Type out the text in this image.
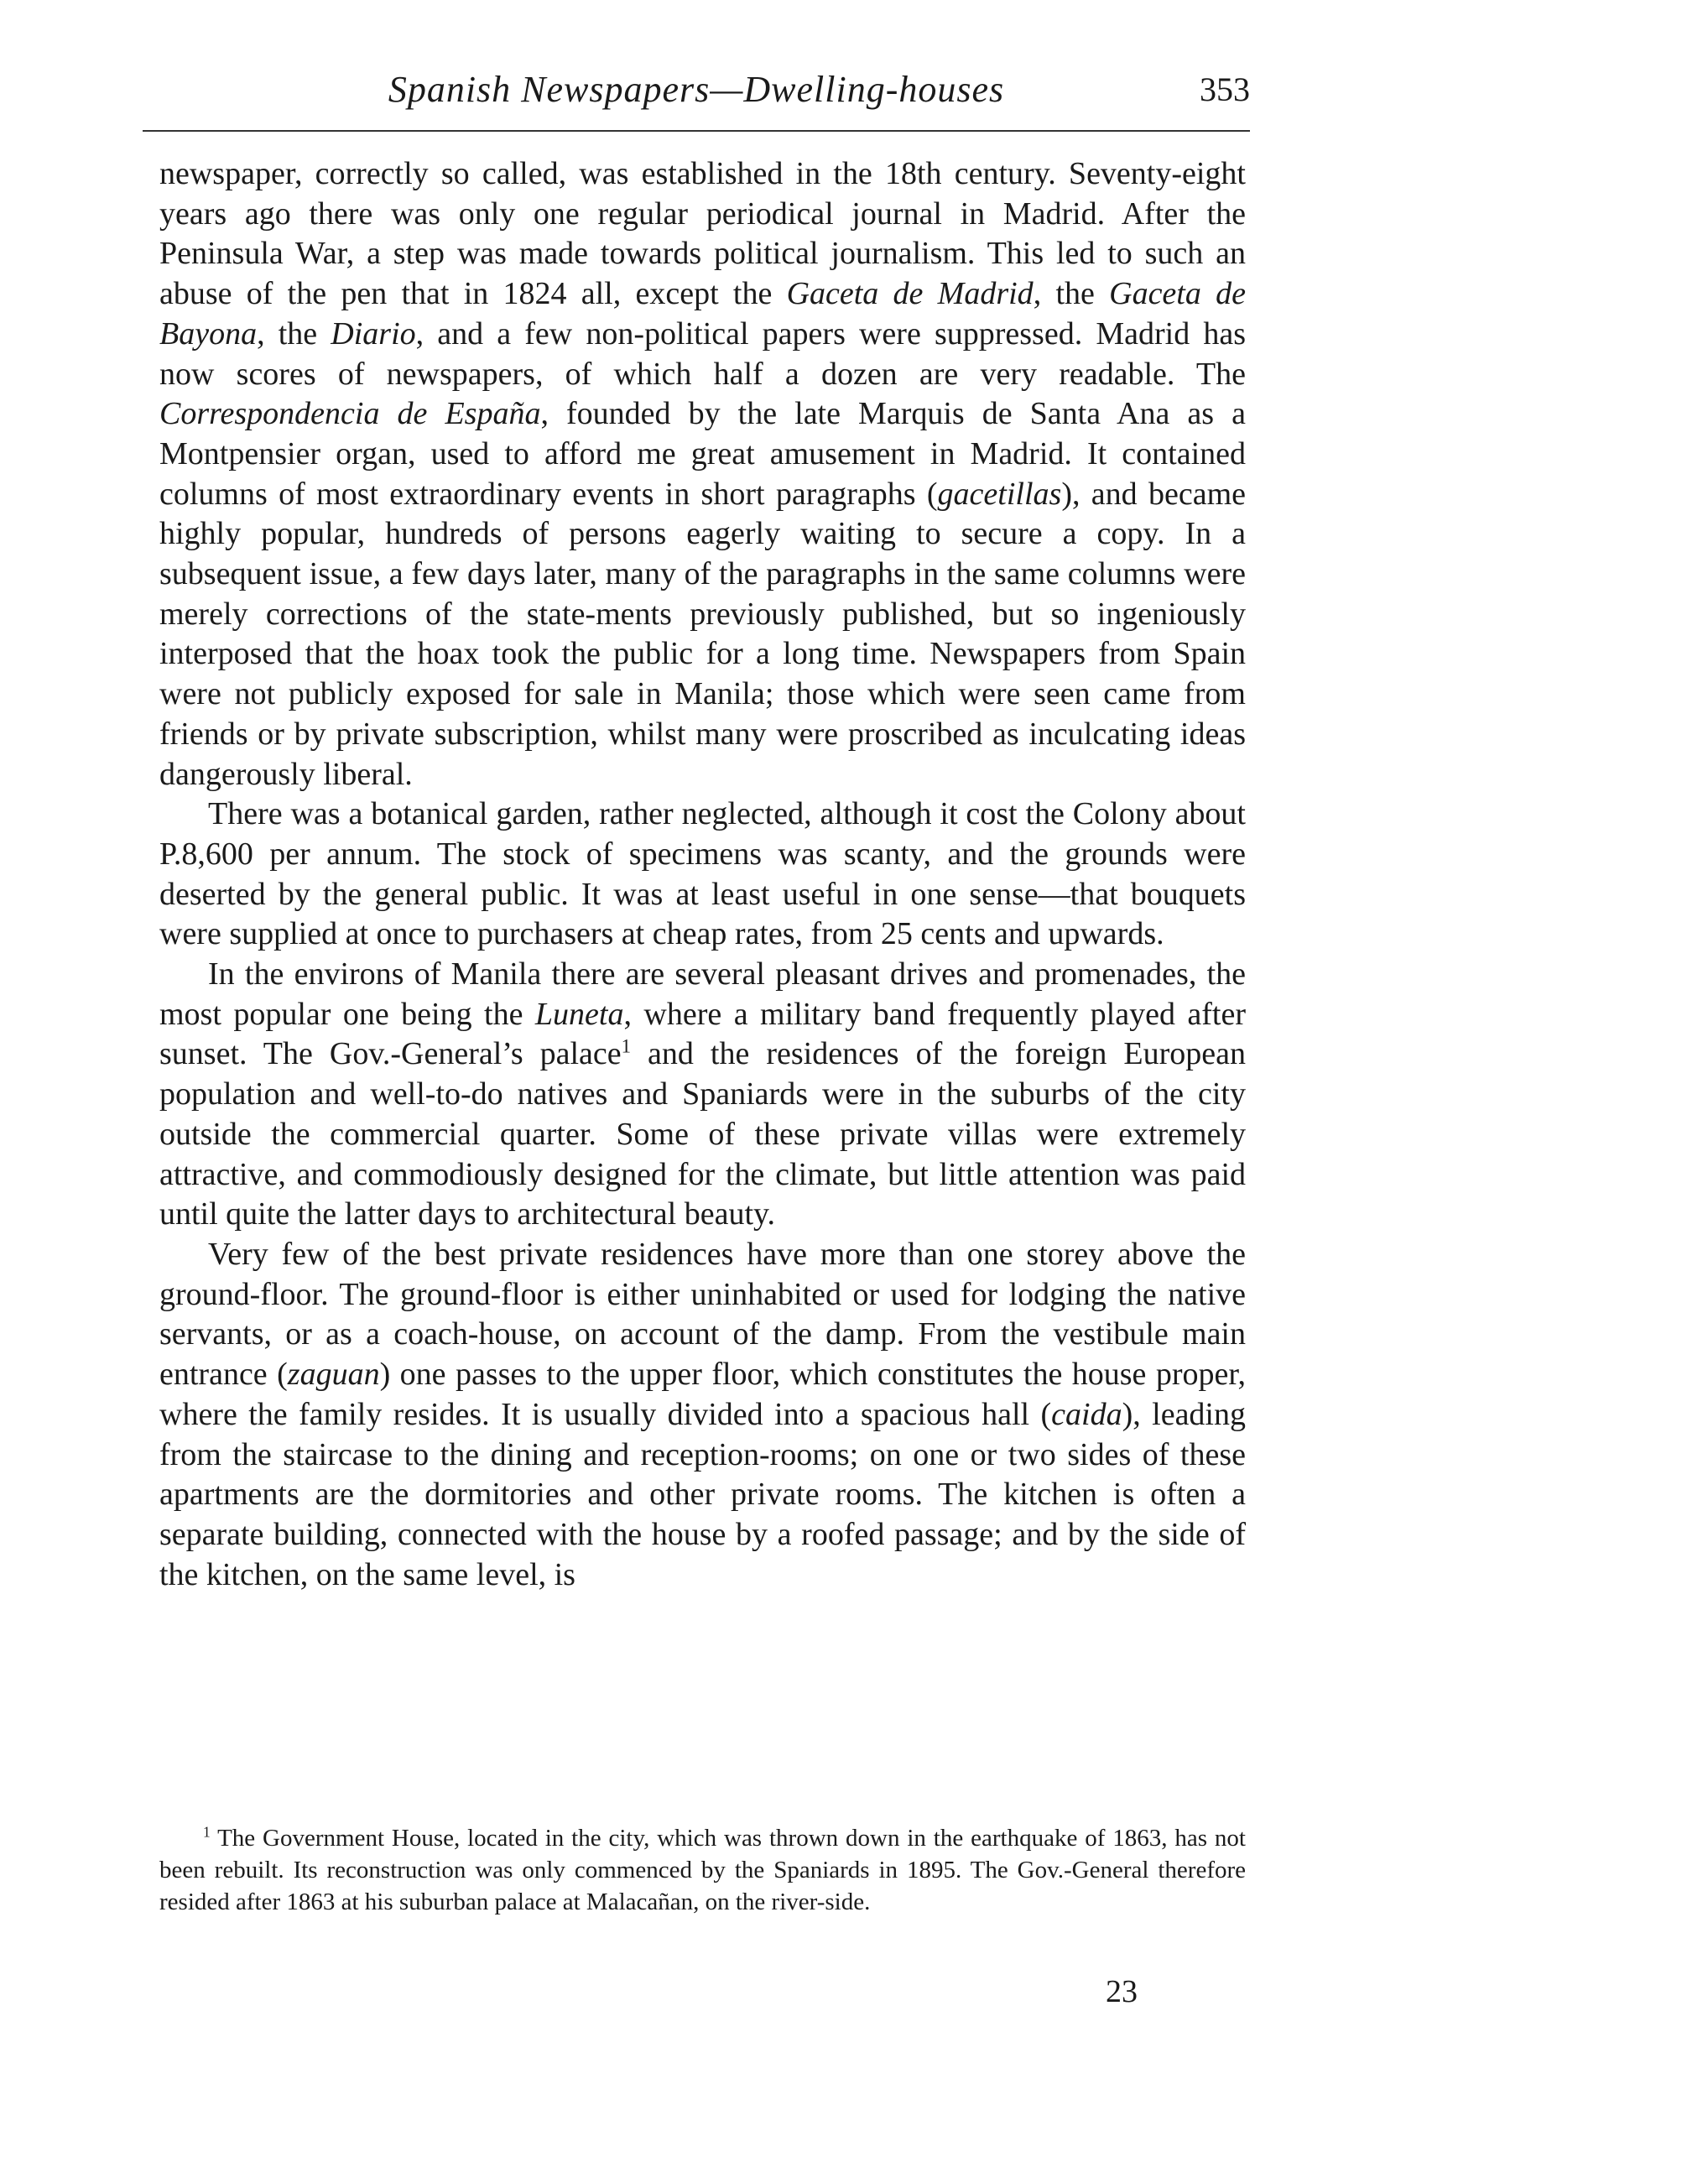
Spanish Newspapers—Dwelling-houses	353

newspaper, correctly so called, was established in the 18th century. Seventy-eight years ago there was only one regular periodical journal in Madrid. After the Peninsula War, a step was made towards political journalism. This led to such an abuse of the pen that in 1824 all, except the Gaceta de Madrid, the Gaceta de Bayona, the Diario, and a few non-political papers were suppressed. Madrid has now scores of newspapers, of which half a dozen are very readable. The Correspondencia de España, founded by the late Marquis de Santa Ana as a Montpensier organ, used to afford me great amusement in Madrid. It contained columns of most extraordinary events in short paragraphs (gacetillas), and became highly popular, hundreds of persons eagerly waiting to secure a copy. In a subsequent issue, a few days later, many of the paragraphs in the same columns were merely corrections of the state-ments previously published, but so ingeniously interposed that the hoax took the public for a long time. Newspapers from Spain were not publicly exposed for sale in Manila; those which were seen came from friends or by private subscription, whilst many were proscribed as inculcating ideas dangerously liberal.

There was a botanical garden, rather neglected, although it cost the Colony about P.8,600 per annum. The stock of specimens was scanty, and the grounds were deserted by the general public. It was at least useful in one sense—that bouquets were supplied at once to purchasers at cheap rates, from 25 cents and upwards.

In the environs of Manila there are several pleasant drives and promenades, the most popular one being the Luneta, where a military band frequently played after sunset. The Gov.-General’s palace$^1$ and the residences of the foreign European population and well-to-do natives and Spaniards were in the suburbs of the city outside the commercial quarter. Some of these private villas were extremely attractive, and commodiously designed for the climate, but little attention was paid until quite the latter days to architectural beauty.

Very few of the best private residences have more than one storey above the ground-floor. The ground-floor is either uninhabited or used for lodging the native servants, or as a coach-house, on account of the damp. From the vestibule main entrance (zaguan) one passes to the upper floor, which constitutes the house proper, where the family resides. It is usually divided into a spacious hall (caida), leading from the staircase to the dining and reception-rooms; on one or two sides of these apartments are the dormitories and other private rooms. The kitchen is often a separate building, connected with the house by a roofed passage; and by the side of the kitchen, on the same level, is

$^1$ The Government House, located in the city, which was thrown down in the earthquake of 1863, has not been rebuilt. Its reconstruction was only commenced by the Spaniards in 1895. The Gov.-General therefore resided after 1863 at his suburban palace at Malacañan, on the river-side.

23
